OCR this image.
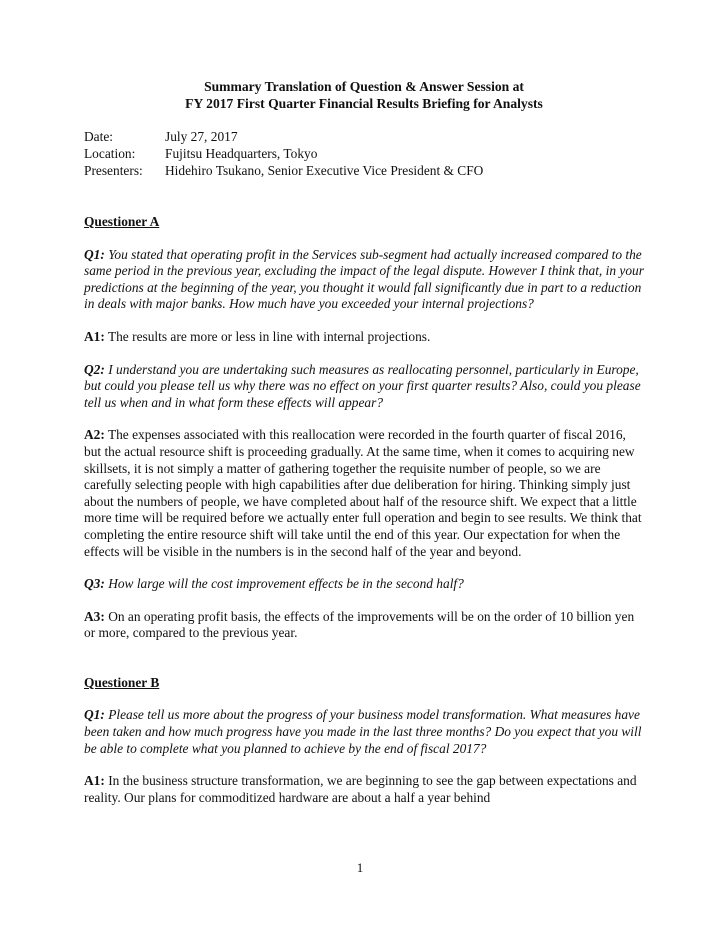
Summary Translation of Question & Answer Session at

FY 2017 First Quarter Financial Results Briefing for Analysts

Date:	July 27, 2017
Location:	Fujitsu Headquarters, Tokyo
Presenters:	Hidehiro Tsukano, Senior Executive Vice President & CFO

Questioner A

Q1: You stated that operating profit in the Services sub-segment had actually increased compared to the same period in the previous year, excluding the impact of the legal dispute. However I think that, in your predictions at the beginning of the year, you thought it would fall significantly due in part to a reduction in deals with major banks. How much have you exceeded your internal projections?

A1: The results are more or less in line with internal projections.

Q2: I understand you are undertaking such measures as reallocating personnel, particularly in Europe, but could you please tell us why there was no effect on your first quarter results? Also, could you please tell us when and in what form these effects will appear?

A2: The expenses associated with this reallocation were recorded in the fourth quarter of fiscal 2016, but the actual resource shift is proceeding gradually. At the same time, when it comes to acquiring new skillsets, it is not simply a matter of gathering together the requisite number of people, so we are carefully selecting people with high capabilities after due deliberation for hiring. Thinking simply just about the numbers of people, we have completed about half of the resource shift. We expect that a little more time will be required before we actually enter full operation and begin to see results. We think that completing the entire resource shift will take until the end of this year. Our expectation for when the effects will be visible in the numbers is in the second half of the year and beyond.

Q3: How large will the cost improvement effects be in the second half?

A3: On an operating profit basis, the effects of the improvements will be on the order of 10 billion yen or more, compared to the previous year.

Questioner B

Q1: Please tell us more about the progress of your business model transformation. What measures have been taken and how much progress have you made in the last three months? Do you expect that you will be able to complete what you planned to achieve by the end of fiscal 2017?

A1: In the business structure transformation, we are beginning to see the gap between expectations and reality. Our plans for commoditized hardware are about a half a year behind

1
